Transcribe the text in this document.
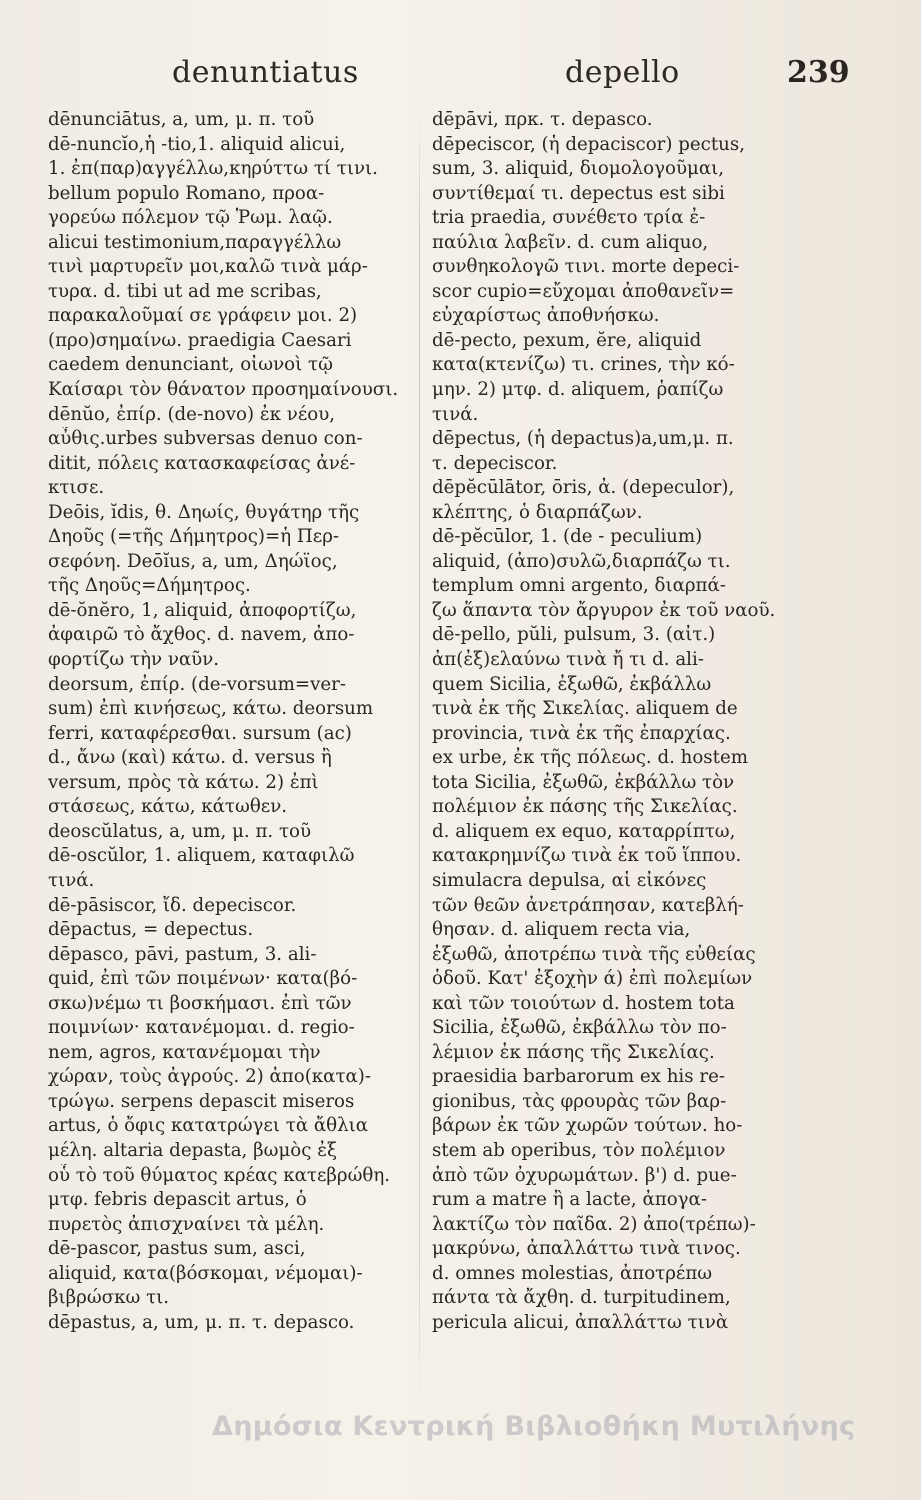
denuntiatus	depello	239
dēnunciātus, a, um, μ. π. τοῦ
dē-nuncĭo,ἡ -tio,1. aliquid alicui,
1. ἐπ(παρ)αγγέλλω,κηρύττω τί τινι.
bellum populo Romano, προα-
γορεύω πόλεμον τῷ Ῥωμ. λαῷ.
alicui testimonium,παραγγέλλω
τινὶ μαρτυρεῖν μοι,καλῶ τινὰ μάρ-
τυρα. d. tibi ut ad me scribas,
παρακαλοῦμαί σε γράφειν μοι. 2)
(προ)σημαίνω. praedigia Caesari
caedem denunciant, οἰωνοὶ τῷ
Καίσαρι τὸν θάνατον προσημαίνουσι.
dēnŭo, ἐπίρ. (de-novo) ἐκ νέου,
αὖθις.urbes subversas denuo con-
ditit, πόλεις κατασκαφείσας ἀνέ-
κτισε.
Deōis, ĭdis, θ. Δηωίς, θυγάτηρ τῆς
Δηοῦς (=τῆς Δήμητρος)=ἡ Περ-
σεφόνη. Deōĭus, a, um, Δηώϊος,
τῆς Δηοῦς=Δήμητρος.
dē-ŏnĕro, 1, aliquid, ἀποφορτίζω,
ἀφαιρῶ τὸ ἄχθος. d. navem, ἀπο-
φορτίζω τὴν ναῦν.
deorsum, ἐπίρ. (de-vorsum=ver-
sum) ἐπὶ κινήσεως, κάτω. deorsum
ferri, καταφέρεσθαι. sursum (ac)
d., ἄνω (καὶ) κάτω. d. versus ἢ
versum, πρὸς τὰ κάτω. 2) ἐπὶ
στάσεως, κάτω, κάτωθεν.
deoscŭlatus, a, um, μ. π. τοῦ
dē-oscŭlor, 1. aliquem, καταφιλῶ
τινά.
dē-pāsiscor, ἴδ. depeciscor.
dēpactus, = depectus.
dēpasco, pāvi, pastum, 3. ali-
quid, ἐπὶ τῶν ποιμένων· κατα(βό-
σκω)νέμω τι βοσκήμασι. ἐπὶ τῶν
ποιμνίων· κατανέμομαι. d. regio-
nem, agros, κατανέμομαι τὴν
χώραν, τοὺς ἀγρούς. 2) ἀπο(κατα)-
τρώγω. serpens depascit miseros
artus, ὁ ὄφις κατατρώγει τὰ ἄθλια
μέλη. altaria depasta, βωμὸς ἐξ
οὗ τὸ τοῦ θύματος κρέας κατεβρώθη.
μτφ. febris depascit artus, ὁ
πυρετὸς ἀπισχναίνει τὰ μέλη.
dē-pascor, pastus sum, asci,
aliquid, κατα(βόσκομαι, νέμομαι)-
βιβρώσκω τι.
dēpastus, a, um, μ. π. τ. depasco.
dēpāvi, πρκ. τ. depasco.
dēpeciscor, (ἡ depaciscor) pectus,
sum, 3. aliquid, διομολογοῦμαι,
συντίθεμαί τι. depectus est sibi
tria praedia, συνέθετο τρία ἐ-
παύλια λαβεῖν. d. cum aliquo,
συνθηκολογῶ τινι. morte depeci-
scor cupio=εὔχομαι ἀποθανεῖν=
εὐχαρίστως ἀποθνήσκω.
dē-pecto, pexum, ĕre, aliquid
κατα(κτενίζω) τι. crines, τὴν κό-
μην. 2) μτφ. d. aliquem, ῥαπίζω
τινά.
dēpectus, (ἡ depactus)a,um,μ. π.
τ. depeciscor.
dēpĕcūlātor, ōris, ἀ. (depeculor),
κλέπτης, ὁ διαρπάζων.
dē-pĕcūlor, 1. (de - peculium)
aliquid, (ἀπο)συλῶ,διαρπάζω τι.
templum omni argento, διαρπά-
ζω ἅπαντα τὸν ἄργυρον ἐκ τοῦ ναοῦ.
dē-pello, pŭli, pulsum, 3. (αἰτ.)
ἀπ(ἐξ)ελαύνω τινὰ ἤ τι d. ali-
quem Sicilia, ἐξωθῶ, ἐκβάλλω
τινὰ ἐκ τῆς Σικελίας. aliquem de
provincia, τινὰ ἐκ τῆς ἐπαρχίας.
ex urbe, ἐκ τῆς πόλεως. d. hostem
tota Sicilia, ἐξωθῶ, ἐκβάλλω τὸν
πολέμιον ἐκ πάσης τῆς Σικελίας.
d. aliquem ex equo, καταρρίπτω,
κατακρημνίζω τινὰ ἐκ τοῦ ἵππου.
simulacra depulsa, αἱ εἰκόνες
τῶν θεῶν ἀνετράπησαν, κατεβλή-
θησαν. d. aliquem recta via,
ἐξωθῶ, ἀποτρέπω τινὰ τῆς εὐθείας
ὁδοῦ. Κατ' ἐξοχὴν ά) ἐπὶ πολεμίων
καὶ τῶν τοιούτων d. hostem tota
Sicilia, ἐξωθῶ, ἐκβάλλω τὸν πο-
λέμιον ἐκ πάσης τῆς Σικελίας.
praesidia barbarorum ex his re-
gionibus, τὰς φρουρὰς τῶν βαρ-
βάρων ἐκ τῶν χωρῶν τούτων. ho-
stem ab operibus, τὸν πολέμιον
ἀπὸ τῶν ὀχυρωμάτων. β') d. pue-
rum a matre ἢ a lacte, ἀπογα-
λακτίζω τὸν παῖδα. 2) ἀπο(τρέπω)-
μακρύνω, ἀπαλλάττω τινὰ τινος.
d. omnes molestias, ἀποτρέπω
πάντα τὰ ἄχθη. d. turpitudinem,
pericula alicui, ἀπαλλάττω τινὰ
Δημόσια Κεντρική Βιβλιοθήκη Μυτιλήνης
